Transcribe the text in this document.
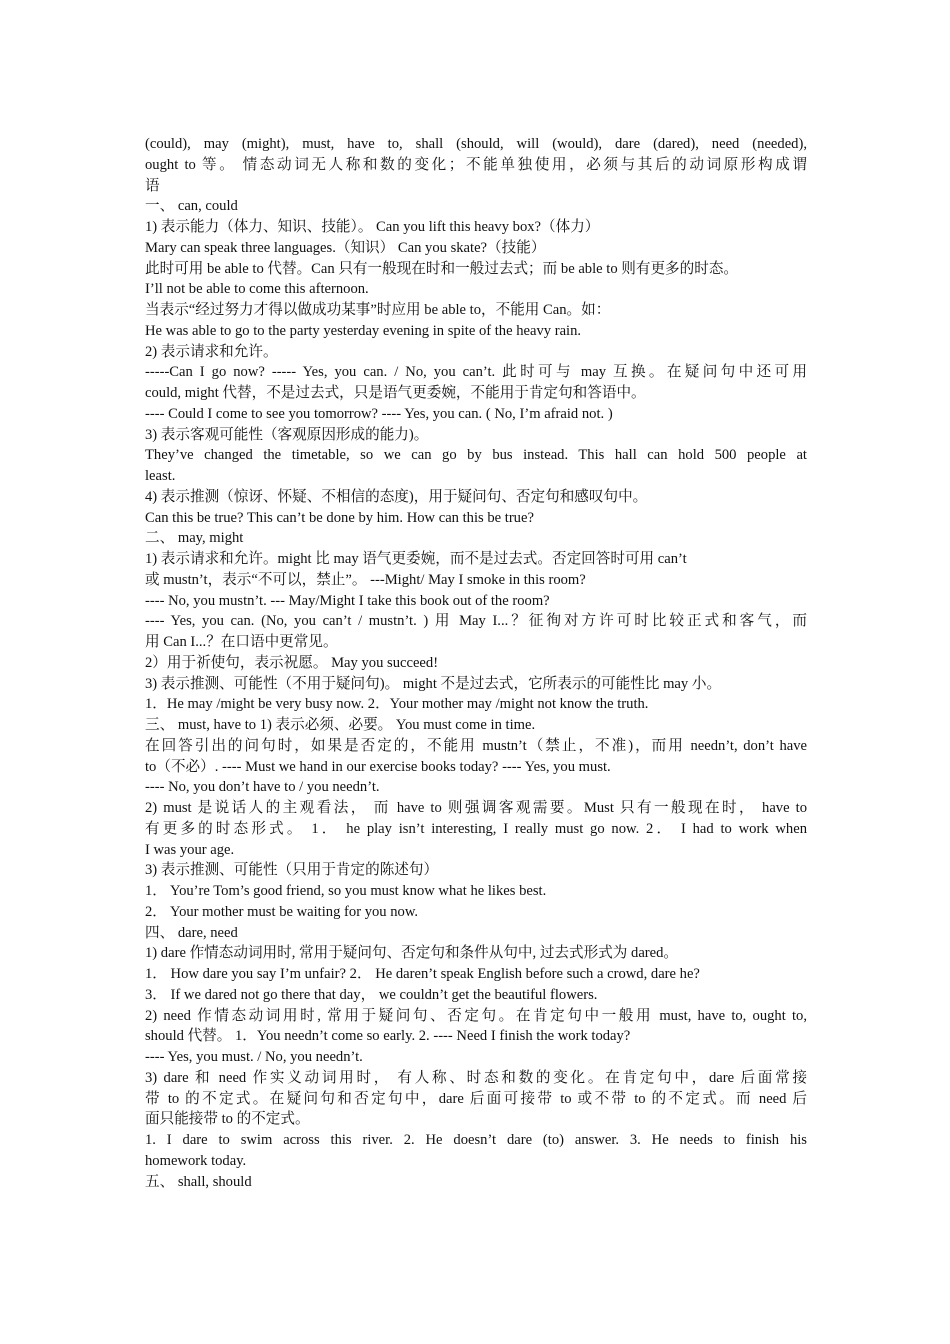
(could), may (might), must, have to, shall (should, will (would), dare (dared), need (needed),
ought to 等。 情态动词无人称和数的变化；不能单独使用，必须与其后的动词原形构成谓
语
一、 can, could
1) 表示能力（体力、知识、技能）。 Can you lift this heavy box?（体力）
Mary can speak three languages.（知识） Can you skate?（技能）
此时可用 be able to 代替。Can 只有一般现在时和一般过去式；而 be able to 则有更多的时态。
I’ll not be able to come this afternoon.
当表示“经过努力才得以做成功某事”时应用 be able to，不能用 Can。如：
He was able to go to the party yesterday evening in spite of the heavy rain.
2) 表示请求和允许。
-----Can I go now? ----- Yes, you can. / No, you can’t. 此时可与 may 互换。在疑问句中还可用
could, might 代替，不是过去式，只是语气更委婉，不能用于肯定句和答语中。
---- Could I come to see you tomorrow? ---- Yes, you can. ( No, I’m afraid not. )
3) 表示客观可能性（客观原因形成的能力)。
They’ve changed the timetable, so we can go by bus instead. This hall can hold 500 people at
least.
4) 表示推测（惊讶、怀疑、不相信的态度)，用于疑问句、否定句和感叹句中。
Can this be true? This can’t be done by him. How can this be true?
二、 may, might
1) 表示请求和允许。might 比 may 语气更委婉，而不是过去式。否定回答时可用 can’t
或 mustn’t，表示“不可以，禁止”。 ---Might/ May I smoke in this room?
---- No, you mustn’t. --- May/Might I take this book out of the room?
---- Yes, you can. (No, you can’t / mustn’t. ) 用 May I...？征徇对方许可时比较正式和客气，而
用 Can I...？在口语中更常见。
2）用于祈使句，表示祝愿。 May you succeed!
3) 表示推测、可能性（不用于疑问句)。 might 不是过去式，它所表示的可能性比 may 小。
1．He may /might be very busy now. 2．Your mother may /might not know the truth.
三、 must, have to 1) 表示必须、必要。 You must come in time.
在回答引出的问句时，如果是否定的，不能用 mustn’t（禁止，不准)，而用 needn’t, don’t have
to（不必）. ---- Must we hand in our exercise books today? ---- Yes, you must.
---- No, you don’t have to / you needn’t.
2) must 是说话人的主观看法， 而 have to 则强调客观需要。Must 只有一般现在时， have to
有更多的时态形式。 1． he play isn’t interesting, I really must go now. 2． I had to work when
I was your age.
3) 表示推测、可能性（只用于肯定的陈述句）
1． You’re Tom’s good friend, so you must know what he likes best.
2． Your mother must be waiting for you now.
四、 dare, need
1) dare 作情态动词用时, 常用于疑问句、否定句和条件从句中, 过去式形式为 dared。
1． How dare you say I’m unfair? 2． He daren’t speak English before such a crowd, dare he?
3． If we dared not go there that day， we couldn’t get the beautiful flowers.
2) need 作情态动词用时, 常用于疑问句、否定句。在肯定句中一般用 must, have to, ought to,
should 代替。 1．You needn’t come so early. 2. ---- Need I finish the work today?
---- Yes, you must. / No, you needn’t.
3) dare 和 need 作实义动词用时， 有人称、时态和数的变化。在肯定句中，dare 后面常接
带 to 的不定式。在疑问句和否定句中，dare 后面可接带 to 或不带 to 的不定式。而 need 后
面只能接带 to 的不定式。
1. I dare to swim across this river. 2. He doesn’t dare (to) answer. 3. He needs to finish his
homework today.
五、 shall, should
